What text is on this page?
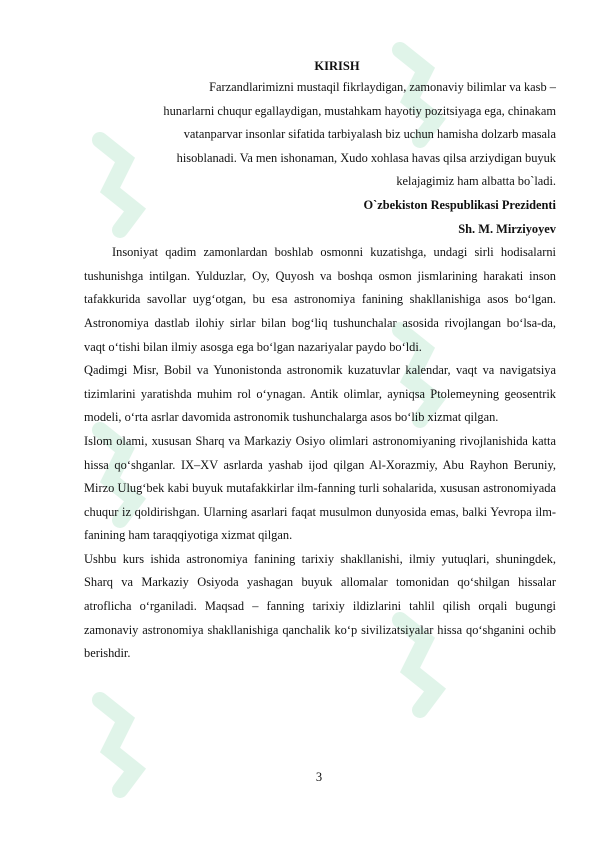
KIRISH
Farzandlarimizni mustaqil fikrlaydigan, zamonaviy bilimlar va kasb –
hunarlarni chuqur egallaydigan, mustahkam hayotiy pozitsiyaga ega, chinakam
vatanparvar insonlar sifatida tarbiyalash biz uchun hamisha dolzarb masala
hisoblanadi. Va men ishonaman, Xudo xohlasa havas qilsa arziydigan buyuk
kelajagimiz ham albatta bo`ladi.
O`zbekiston Respublikasi Prezidenti
Sh. M. Mirziyoyev

Insoniyat qadim zamonlardan boshlab osmonni kuzatishga, undagi sirli hodisalarni tushunishga intilgan. Yulduzlar, Oy, Quyosh va boshqa osmon jismlarining harakati inson tafakkurida savollar uyg‘otgan, bu esa astronomiya fanining shakllanishiga asos bo‘lgan. Astronomiya dastlab ilohiy sirlar bilan bog‘liq tushunchalar asosida rivojlangan bo‘lsa-da, vaqt o‘tishi bilan ilmiy asosga ega bo‘lgan nazariyalar paydo bo‘ldi.

Qadimgi Misr, Bobil va Yunonistonda astronomik kuzatuvlar kalendar, vaqt va navigatsiya tizimlarini yaratishda muhim rol o‘ynagan. Antik olimlar, ayniqsa Ptolemeyning geosentrik modeli, o‘rta asrlar davomida astronomik tushunchalarga asos bo‘lib xizmat qilgan.

Islom olami, xususan Sharq va Markaziy Osiyo olimlari astronomiyaning rivojlanishida katta hissa qo‘shganlar. IX–XV asrlarda yashab ijod qilgan Al-Xorazmiy, Abu Rayhon Beruniy, Mirzo Ulug‘bek kabi buyuk mutafakkirlar ilm-fanning turli sohalarida, xususan astronomiyada chuqur iz qoldirishgan. Ularning asarlari faqat musulmon dunyosida emas, balki Yevropa ilm-fanining ham taraqqiyotiga xizmat qilgan.

Ushbu kurs ishida astronomiya fanining tarixiy shakllanishi, ilmiy yutuqlari, shuningdek, Sharq va Markaziy Osiyoda yashagan buyuk allomalar tomonidan qo‘shilgan hissalar atroflicha o‘rganiladi. Maqsad – fanning tarixiy ildizlarini tahlil qilish orqali bugungi zamonaviy astronomiya shakllanishiga qanchalik ko‘p sivilizatsiyalar hissa qo‘shganini ochib berishdir.

3
